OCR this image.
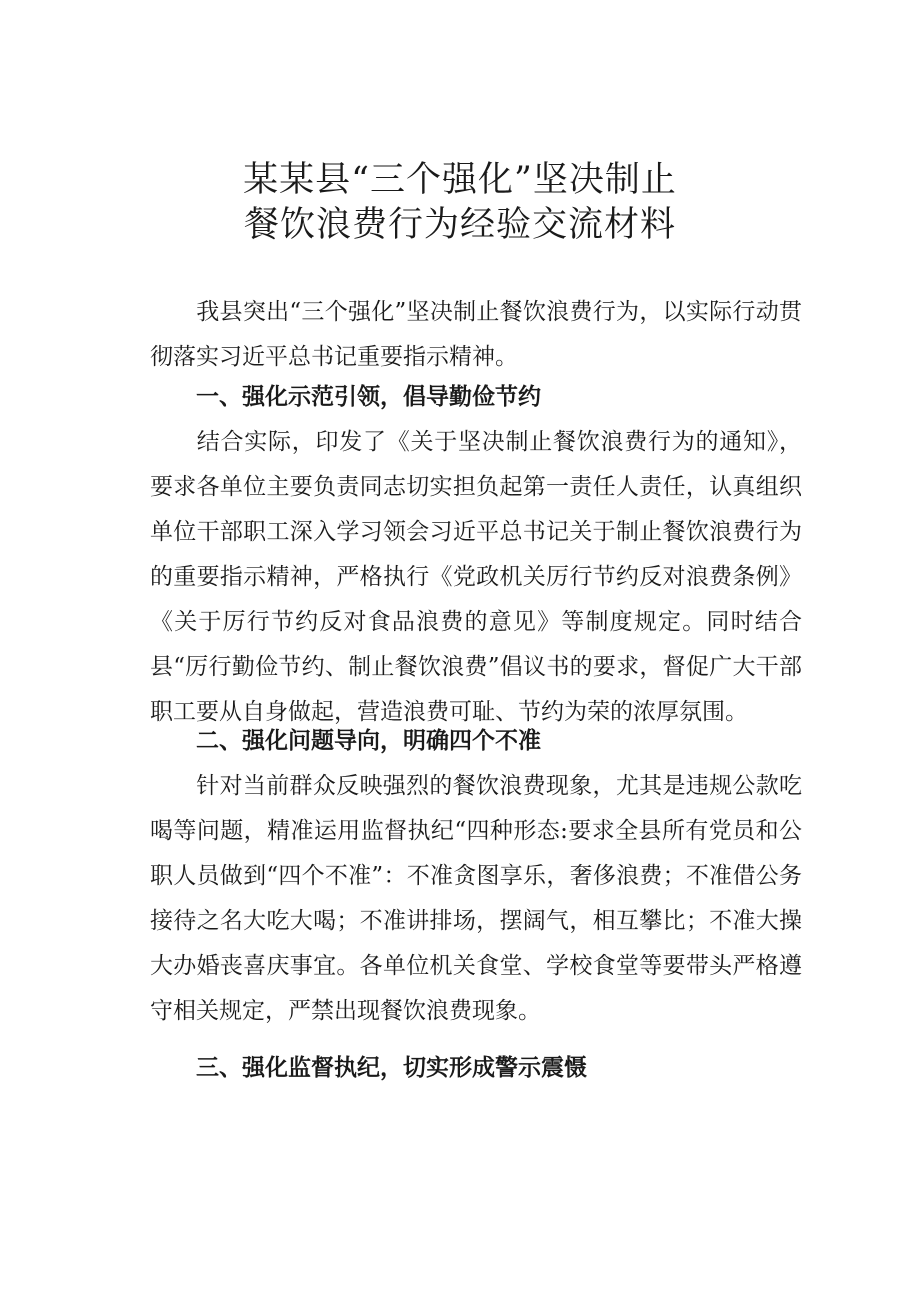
某某县“三个强化”坚决制止
餐饮浪费行为经验交流材料
我县突出“三个强化”坚决制止餐饮浪费行为，以实际行动贯彻落实习近平总书记重要指示精神。
一、强化示范引领，倡导勤俭节约
结合实际，印发了《关于坚决制止餐饮浪费行为的通知》，要求各单位主要负责同志切实担负起第一责任人责任，认真组织单位干部职工深入学习领会习近平总书记关于制止餐饮浪费行为的重要指示精神，严格执行《党政机关厉行节约反对浪费条例》《关于厉行节约反对食品浪费的意见》等制度规定。同时结合县“厉行勤俭节约、制止餐饮浪费”倡议书的要求，督促广大干部职工要从自身做起，营造浪费可耻、节约为荣的浓厚氛围。
二、强化问题导向，明确四个不准
针对当前群众反映强烈的餐饮浪费现象，尤其是违规公款吃喝等问题，精准运用监督执纪“四种形态:要求全县所有党员和公职人员做到“四个不准”：不准贪图享乐，奢侈浪费；不准借公务接待之名大吃大喝；不准讲排场，摆阔气，相互攀比；不准大操大办婚丧喜庆事宜。各单位机关食堂、学校食堂等要带头严格遵守相关规定，严禁出现餐饮浪费现象。
三、强化监督执纪，切实形成警示震慑
